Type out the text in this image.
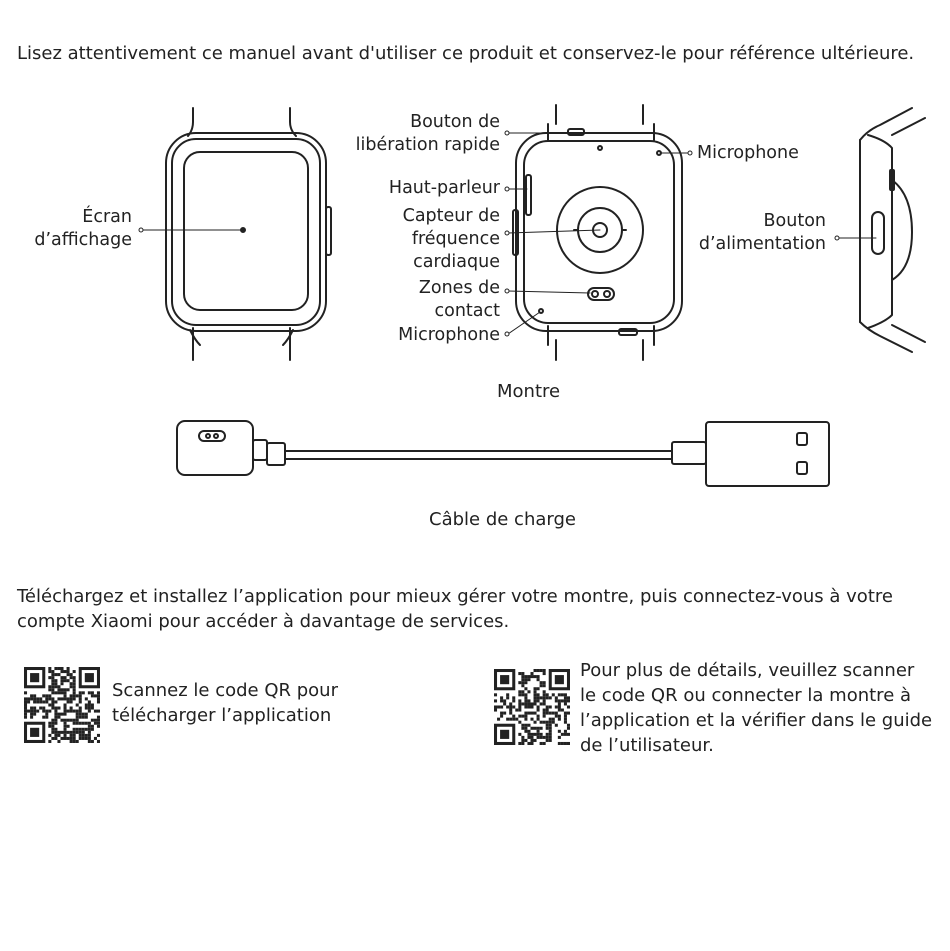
Lisez attentivement ce manuel avant d'utiliser ce produit et conservez-le pour référence ultérieure.
Écran
d’affichage
Bouton de
libération rapide
Haut-parleur
Capteur de
fréquence
cardiaque
Zones de
contact
Microphone
Microphone
Bouton
d’alimentation
Montre
Câble de charge
Téléchargez et installez l’application pour mieux gérer votre montre, puis connectez-vous à votre compte Xiaomi pour accéder à davantage de services.
Scannez le code QR pour
télécharger l’application
Pour plus de détails, veuillez scanner
le code QR ou connecter la montre à
l’application et la vérifier dans le guide
de l’utilisateur.
